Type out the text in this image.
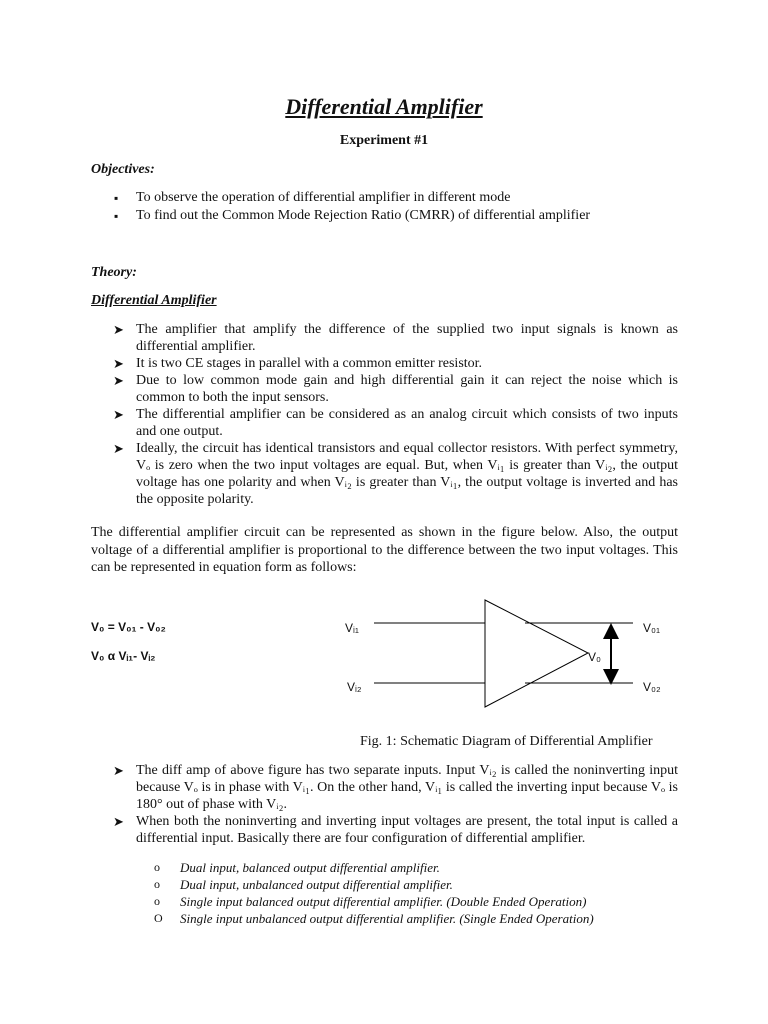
Differential Amplifier
Experiment #1
Objectives:
▪ To observe the operation of differential amplifier in different mode
▪ To find out the Common Mode Rejection Ratio (CMRR) of differential amplifier
Theory:
Differential Amplifier
➤ The amplifier that amplify the difference of the supplied two input signals is known as differential amplifier.
➤ It is two CE stages in parallel with a common emitter resistor.
➤ Due to low common mode gain and high differential gain it can reject the noise which is common to both the input sensors.
➤ The differential amplifier can be considered as an analog circuit which consists of two inputs and one output.
➤ Ideally, the circuit has identical transistors and equal collector resistors. With perfect symmetry, Vₒ is zero when the two input voltages are equal. But, when Vᵢ₁ is greater than Vᵢ₂, the output voltage has one polarity and when Vᵢ₂ is greater than Vᵢ₁, the output voltage is inverted and has the opposite polarity.
The differential amplifier circuit can be represented as shown in the figure below. Also, the output voltage of a differential amplifier is proportional to the difference between the two input voltages. This can be represented in equation form as follows:
V₀ = V₀₁ - V₀₂
V₀ α Vᵢ₁- Vᵢ₂
Vᵢ₁
Vᵢ₂
V₀₁
V₀₂
V₀
Fig. 1: Schematic Diagram of Differential Amplifier
➤ The diff amp of above figure has two separate inputs. Input Vᵢ₂ is called the noninverting input because Vₒ is in phase with Vᵢ₁. On the other hand, Vᵢ₁ is called the inverting input because Vₒ is 180° out of phase with Vᵢ₂.
➤ When both the noninverting and inverting input voltages are present, the total input is called a differential input. Basically there are four configuration of differential amplifier.
o Dual input, balanced output differential amplifier.
o Dual input, unbalanced output differential amplifier.
o Single input balanced output differential amplifier. (Double Ended Operation)
O Single input unbalanced output differential amplifier. (Single Ended Operation)
